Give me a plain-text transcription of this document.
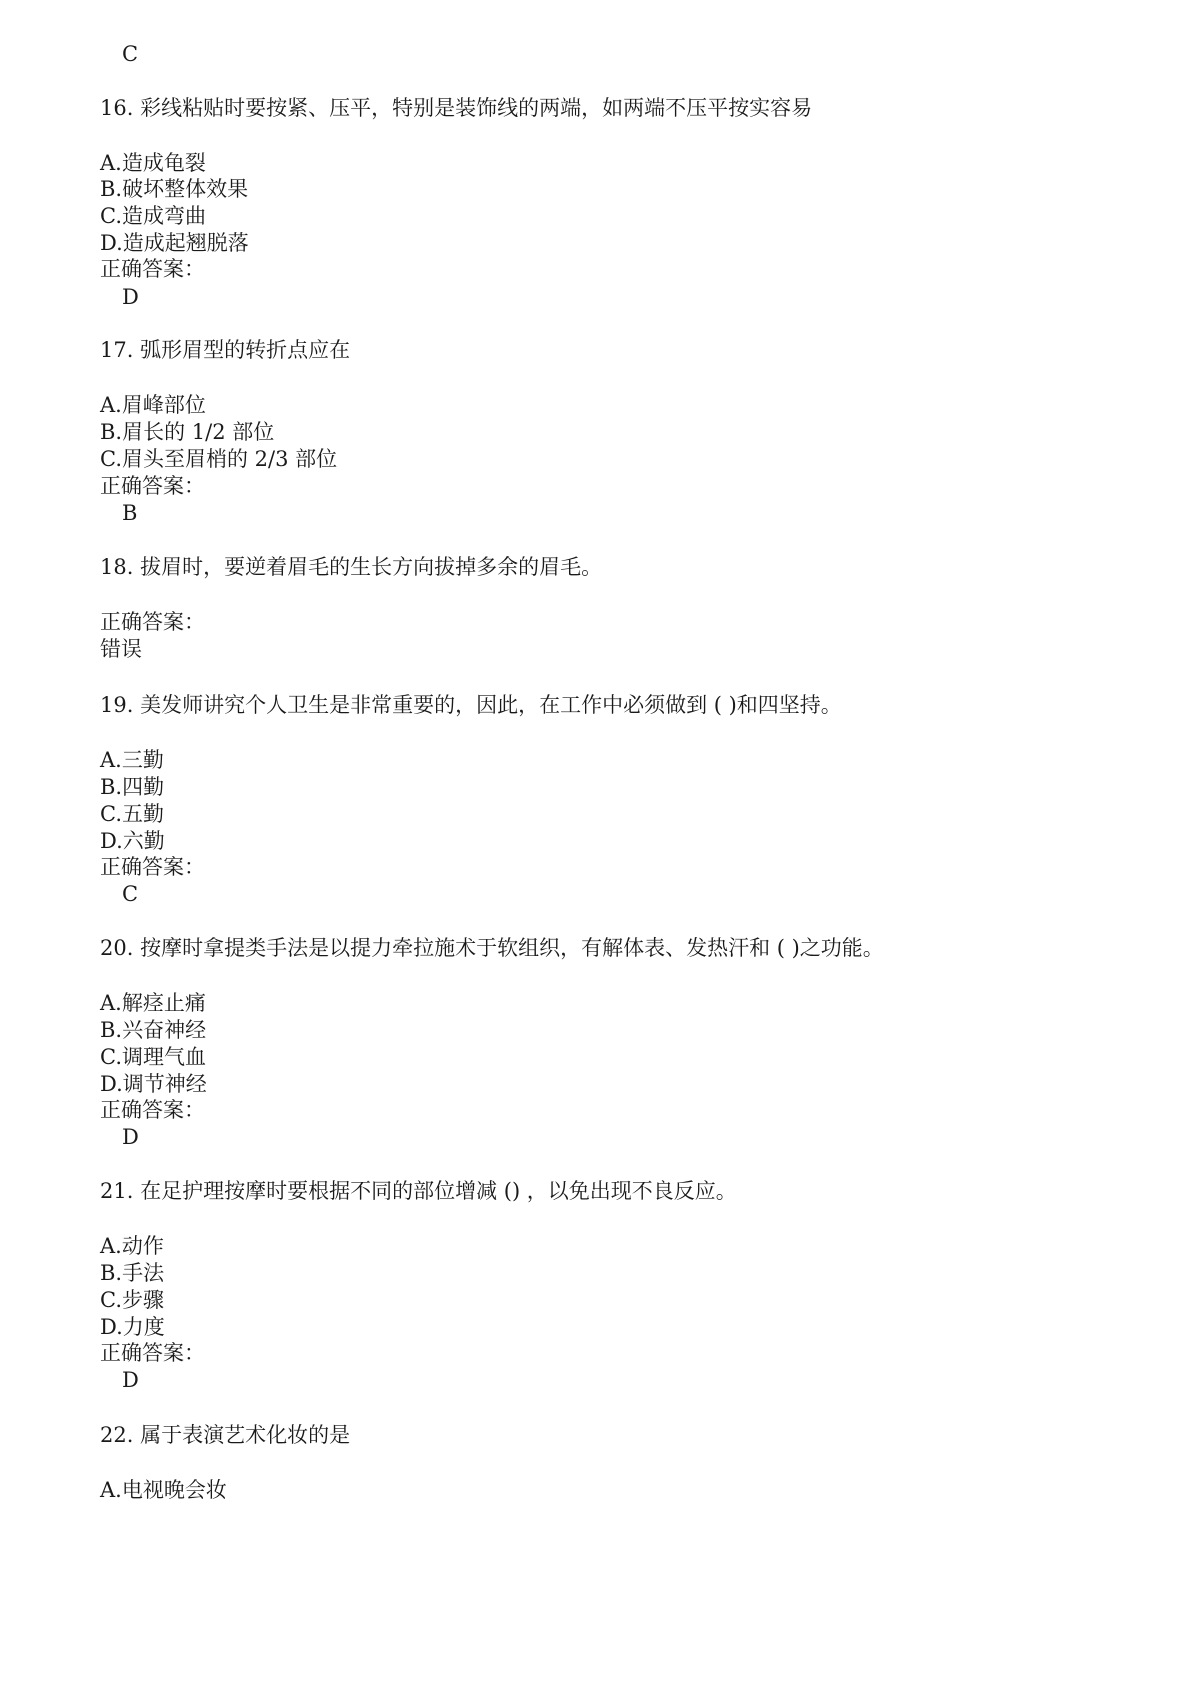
C
16. 彩线粘贴时要按紧、压平，特别是装饰线的两端，如两端不压平按实容易
A.造成龟裂
B.破坏整体效果
C.造成弯曲
D.造成起翘脱落
正确答案：
D
17. 弧形眉型的转折点应在
A.眉峰部位
B.眉长的 1/2 部位
C.眉头至眉梢的 2/3 部位
正确答案：
B
18. 拔眉时，要逆着眉毛的生长方向拔掉多余的眉毛。
正确答案：
错误
19. 美发师讲究个人卫生是非常重要的，因此，在工作中必须做到 ( )和四坚持。
A.三勤
B.四勤
C.五勤
D.六勤
正确答案：
C
20. 按摩时拿提类手法是以提力牵拉施术于软组织，有解体表、发热汗和 ( )之功能。
A.解痉止痛
B.兴奋神经
C.调理气血
D.调节神经
正确答案：
D
21. 在足护理按摩时要根据不同的部位增减 () ，以免出现不良反应。
A.动作
B.手法
C.步骤
D.力度
正确答案：
D
22. 属于表演艺术化妆的是
A.电视晚会妆
